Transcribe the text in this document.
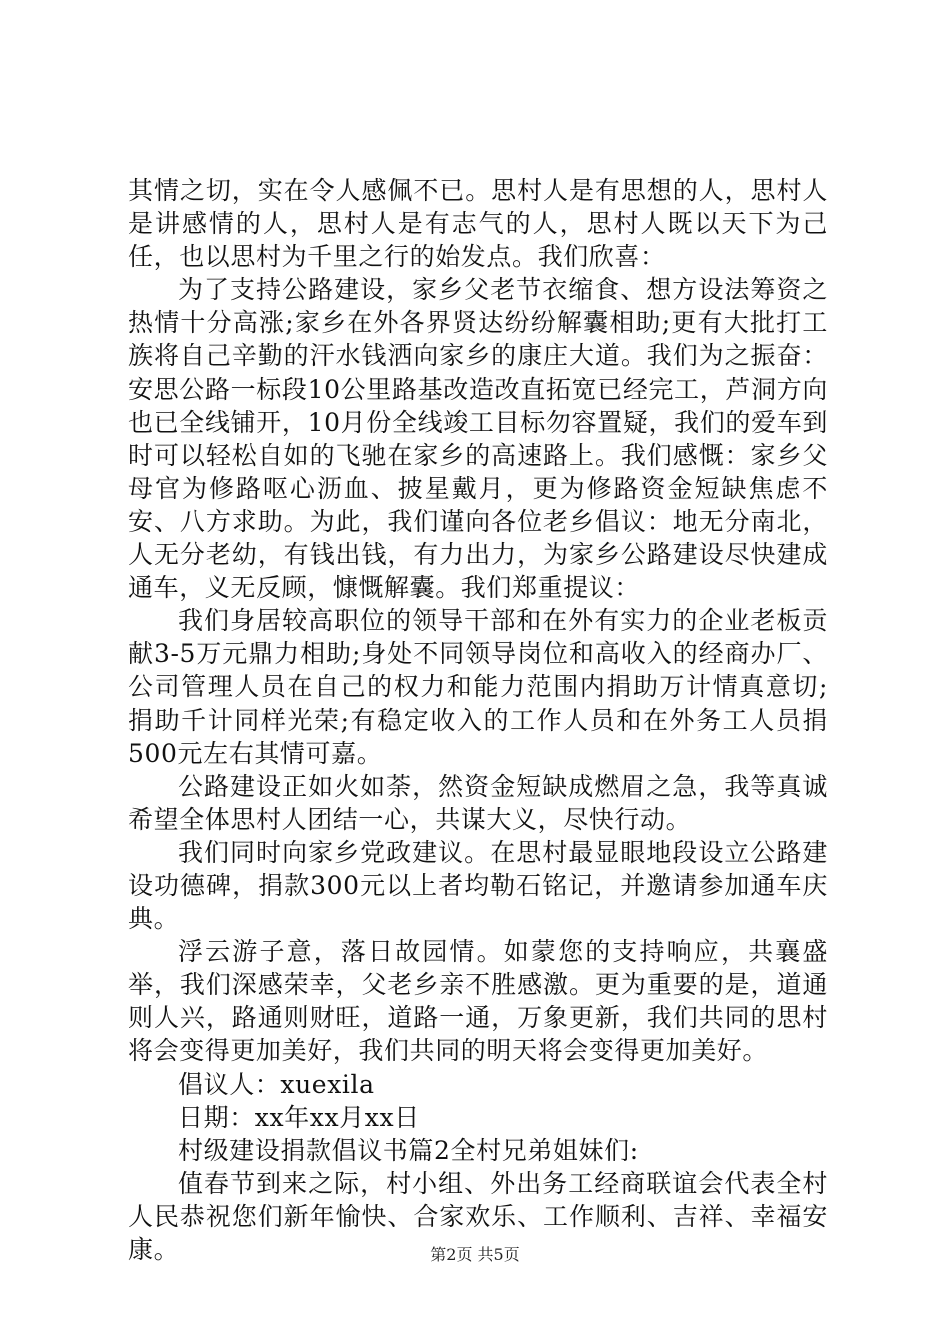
其情之切，实在令人感佩不已。思村人是有思想的人，思村人是讲感情的人，思村人是有志气的人，思村人既以天下为己任，也以思村为千里之行的始发点。我们欣喜：

为了支持公路建设，家乡父老节衣缩食、想方设法筹资之热情十分高涨;家乡在外各界贤达纷纷解囊相助;更有大批打工族将自己辛勤的汗水钱洒向家乡的康庄大道。我们为之振奋：安思公路一标段10公里路基改造改直拓宽已经完工，芦洞方向也已全线铺开，10月份全线竣工目标勿容置疑，我们的爱车到时可以轻松自如的飞驰在家乡的高速路上。我们感慨：家乡父母官为修路呕心沥血、披星戴月，更为修路资金短缺焦虑不安、八方求助。为此，我们谨向各位老乡倡议：地无分南北，人无分老幼，有钱出钱，有力出力，为家乡公路建设尽快建成通车，义无反顾，慷慨解囊。我们郑重提议：

我们身居较高职位的领导干部和在外有实力的企业老板贡献3-5万元鼎力相助;身处不同领导岗位和高收入的经商办厂、公司管理人员在自己的权力和能力范围内捐助万计情真意切;捐助千计同样光荣;有稳定收入的工作人员和在外务工人员捐500元左右其情可嘉。

公路建设正如火如荼，然资金短缺成燃眉之急，我等真诚希望全体思村人团结一心，共谋大义，尽快行动。

我们同时向家乡党政建议。在思村最显眼地段设立公路建设功德碑，捐款300元以上者均勒石铭记，并邀请参加通车庆典。

浮云游子意，落日故园情。如蒙您的支持响应，共襄盛举，我们深感荣幸，父老乡亲不胜感激。更为重要的是，道通则人兴，路通则财旺，道路一通，万象更新，我们共同的思村将会变得更加美好，我们共同的明天将会变得更加美好。

倡议人：xuexila

日期：xx年xx月xx日

村级建设捐款倡议书篇2全村兄弟姐妹们:

值春节到来之际，村小组、外出务工经商联谊会代表全村人民恭祝您们新年愉快、合家欢乐、工作顺利、吉祥、幸福安康。	第2页 共5页
